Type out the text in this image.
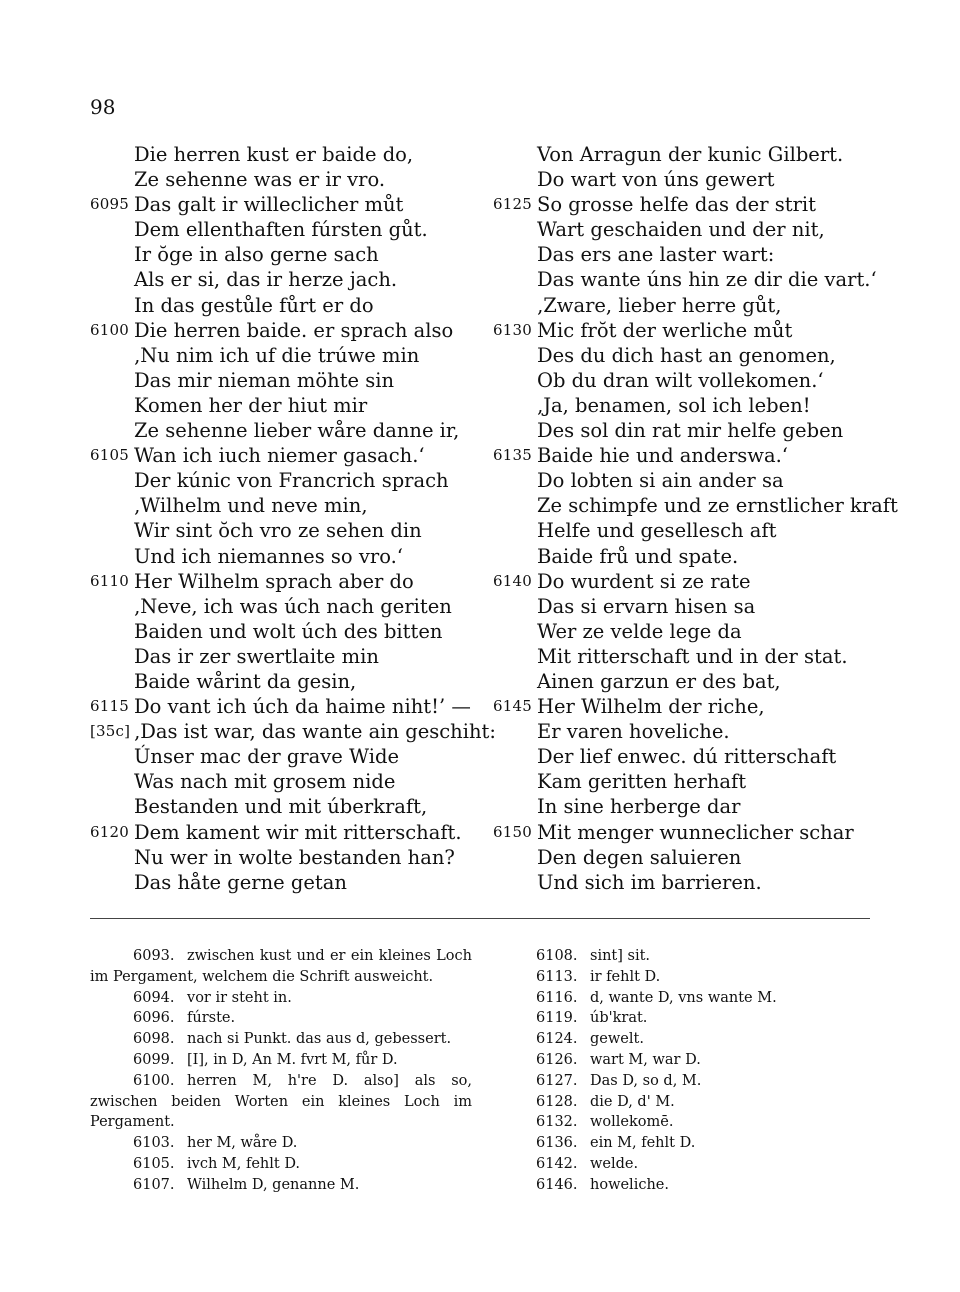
98
Die herren kust er baide do,
Ze sehenne was er ir vro.
6095 Das galt ir willeclicher můt
Dem ellenthaften fúrsten gůt.
Ir ŏge in also gerne sach
Als er si, das ir herze jach.
In das gestůle fůrt er do
6100 Die herren baide. er sprach also
‚Nu nim ich uf die trúwe min
Das mir nieman möhte sin
Komen her der hiut mir
Ze sehenne lieber wåre danne ir,
6105 Wan ich iuch niemer gasach.‘
Der kúnic von Francrich sprach
‚Wilhelm und neve min,
Wir sint ŏch vro ze sehen din
Und ich niemannes so vro.‘
6110 Her Wilhelm sprach aber do
‚Neve, ich was úch nach geriten
Baiden und wolt úch des bitten
Das ir zer swertlaite min
Baide wårint da gesin,
6115 Do vant ich úch da haime niht!’ —
[35c] ‚Das ist war, das wante ain geschiht:
Únser mac der grave Wide
Was nach mit grosem nide
Bestanden und mit úberkraft,
6120 Dem kament wir mit ritterschaft.
Nu wer in wolte bestanden han?
Das håte gerne getan
Von Arragun der kunic Gilbert.
Do wart von úns gewert
6125 So grosse helfe das der strit
Wart geschaiden und der nit,
Das ers ane laster wart:
Das wante úns hin ze dir die vart.‘
‚Zware, lieber herre gůt,
6130 Mic frŏt der werliche můt
Des du dich hast an genomen,
Ob du dran wilt vollekomen.‘
‚Ja, benamen, sol ich leben!
Des sol din rat mir helfe geben
6135 Baide hie und anderswa.‘
Do lobten si ain ander sa
Ze schimpfe und ze ernstlicher kraft
Helfe und gesellesch aft
Baide frů und spate.
6140 Do wurdent si ze rate
Das si ervarn hisen sa
Wer ze velde lege da
Mit ritterschaft und in der stat.
Ainen garzun er des bat,
6145 Her Wilhelm der riche,
Er varen hoveliche.
Der lief enwec. dú ritterschaft
Kam geritten herhaft
In sine herberge dar
6150 Mit menger wunneclicher schar
Den degen saluieren
Und sich im barrieren.
6093. zwischen kust und er ein kleines Loch im Pergament, welchem die Schrift ausweicht.
6094. vor ir steht in.
6096. fúrste.
6098. nach si Punkt. das aus d, gebessert.
6099. [I], in D, An M. fvrt M, fůr D.
6100. herren M, h're D. also] als so, zwischen beiden Worten ein kleines Loch im Pergament.
6103. her M, wåre D.
6105. ivch M, fehlt D.
6107. Wilhelm D, genanne M.
6108. sint] sit.
6113. ir fehlt D.
6116. d, wante D, vns wante M.
6119. úb'krat.
6124. gewelt.
6126. wart M, war D.
6127. Das D, so d, M.
6128. die D, d' M.
6132. wollekomē.
6136. ein M, fehlt D.
6142. welde.
6146. howeliche.
